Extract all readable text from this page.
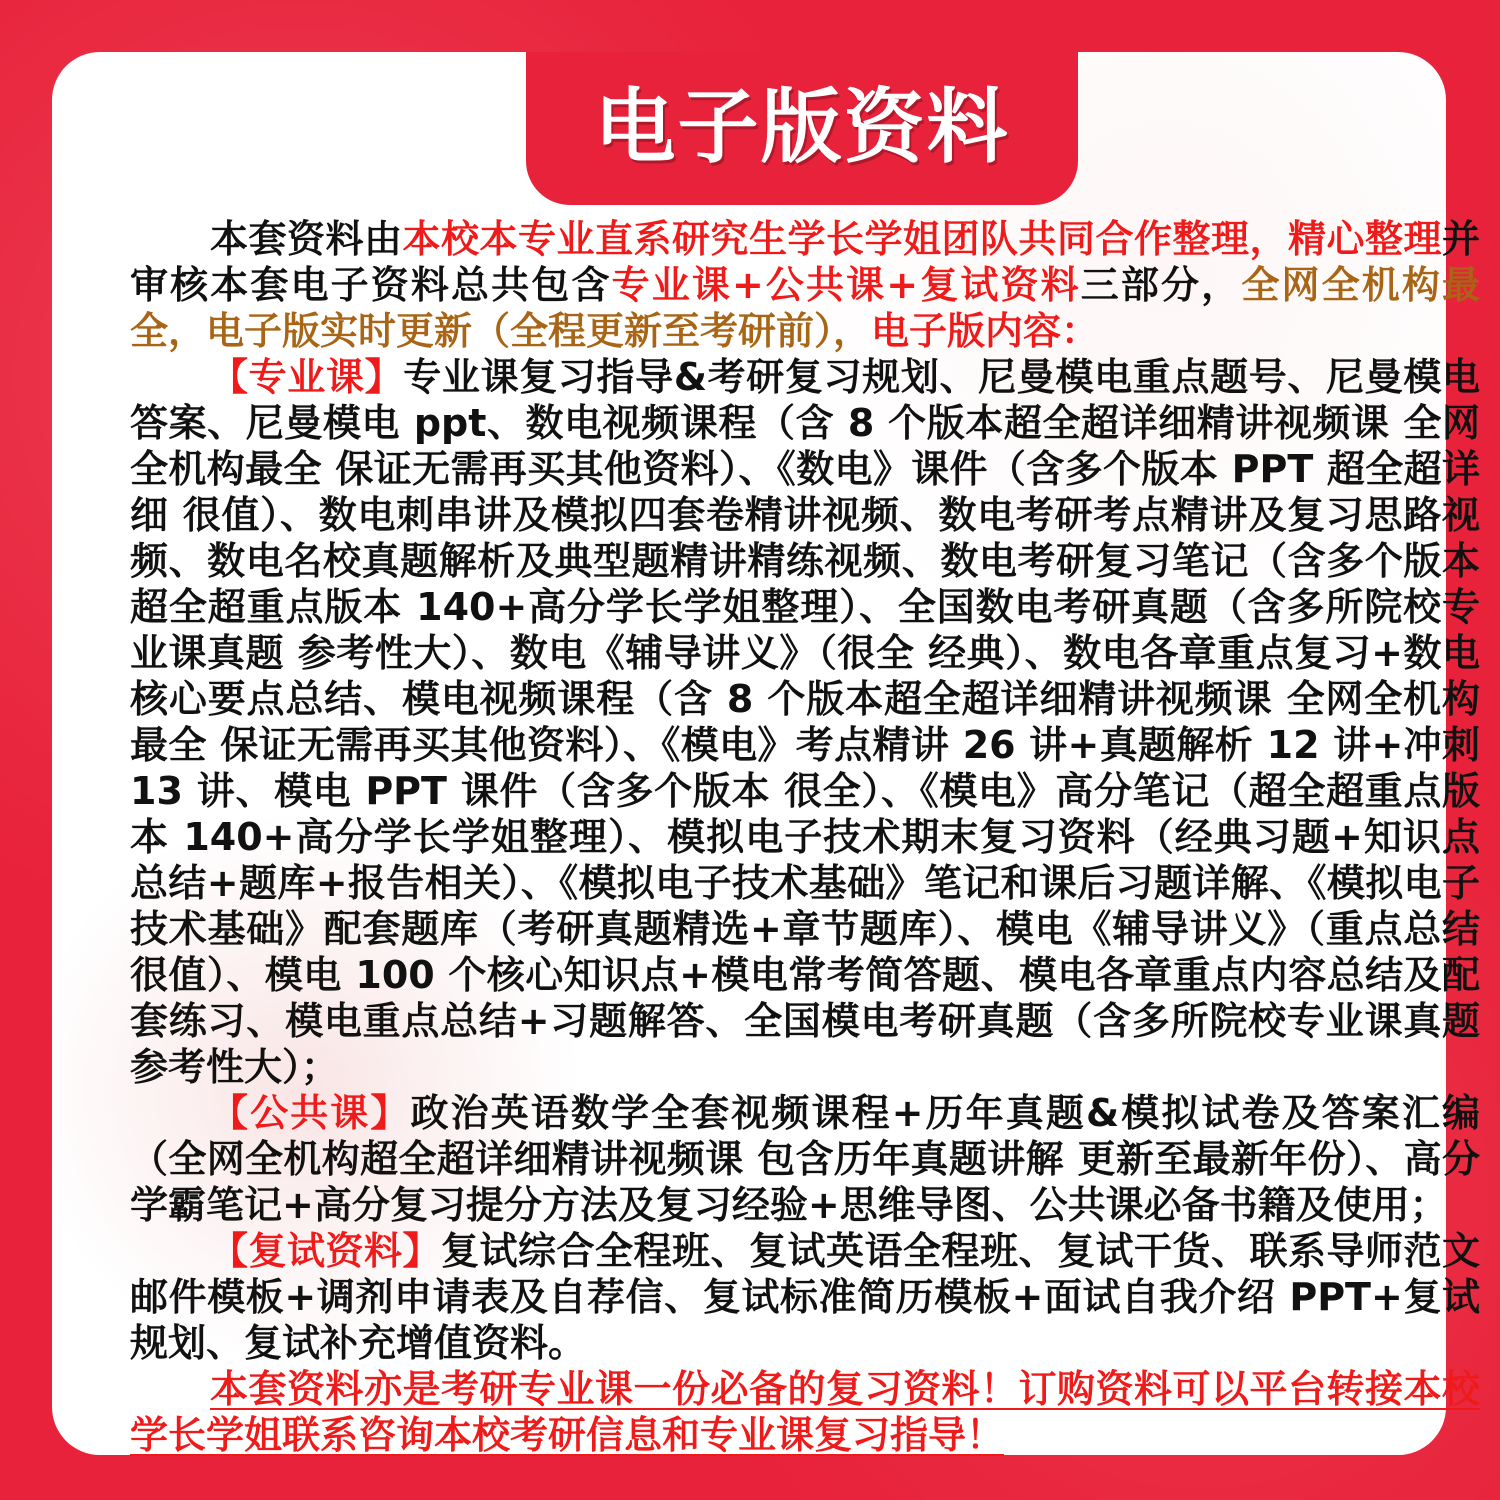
电子版资料

本套资料由本校本专业直系研究生学长学姐团队共同合作整理，精心整理并审核本套电子资料总共包含专业课+公共课+复试资料三部分，全网全机构最全，电子版实时更新（全程更新至考研前），电子版内容：

【专业课】专业课复习指导&考研复习规划、尼曼模电重点题号、尼曼模电答案、尼曼模电 ppt、数电视频课程（含 8 个版本超全超详细精讲视频课 全网全机构最全 保证无需再买其他资料）、《数电》课件（含多个版本 PPT 超全超详细 很值）、数电刺串讲及模拟四套卷精讲视频、数电考研考点精讲及复习思路视频、数电名校真题解析及典型题精讲精练视频、数电考研复习笔记（含多个版本超全超重点版本 140+高分学长学姐整理）、全国数电考研真题（含多所院校专业课真题 参考性大）、数电《辅导讲义》（很全 经典）、数电各章重点复习+数电核心要点总结、模电视频课程（含 8 个版本超全超详细精讲视频课 全网全机构最全 保证无需再买其他资料）、《模电》考点精讲 26 讲+真题解析 12 讲+冲刺 13 讲、模电 PPT 课件（含多个版本 很全）、《模电》高分笔记（超全超重点版本 140+高分学长学姐整理）、模拟电子技术期末复习资料（经典习题+知识点总结+题库+报告相关）、《模拟电子技术基础》笔记和课后习题详解、《模拟电子技术基础》配套题库（考研真题精选+章节题库）、模电《辅导讲义》（重点总结 很值）、模电 100 个核心知识点+模电常考简答题、模电各章重点内容总结及配套练习、模电重点总结+习题解答、全国模电考研真题（含多所院校专业课真题 参考性大）；

【公共课】政治英语数学全套视频课程+历年真题&模拟试卷及答案汇编（全网全机构超全超详细精讲视频课 包含历年真题讲解 更新至最新年份）、高分学霸笔记+高分复习提分方法及复习经验+思维导图、公共课必备书籍及使用；

【复试资料】复试综合全程班、复试英语全程班、复试干货、联系导师范文邮件模板+调剂申请表及自荐信、复试标准简历模板+面试自我介绍 PPT+复试规划、复试补充增值资料。

本套资料亦是考研专业课一份必备的复习资料！订购资料可以平台转接本校学长学姐联系咨询本校考研信息和专业课复习指导！
